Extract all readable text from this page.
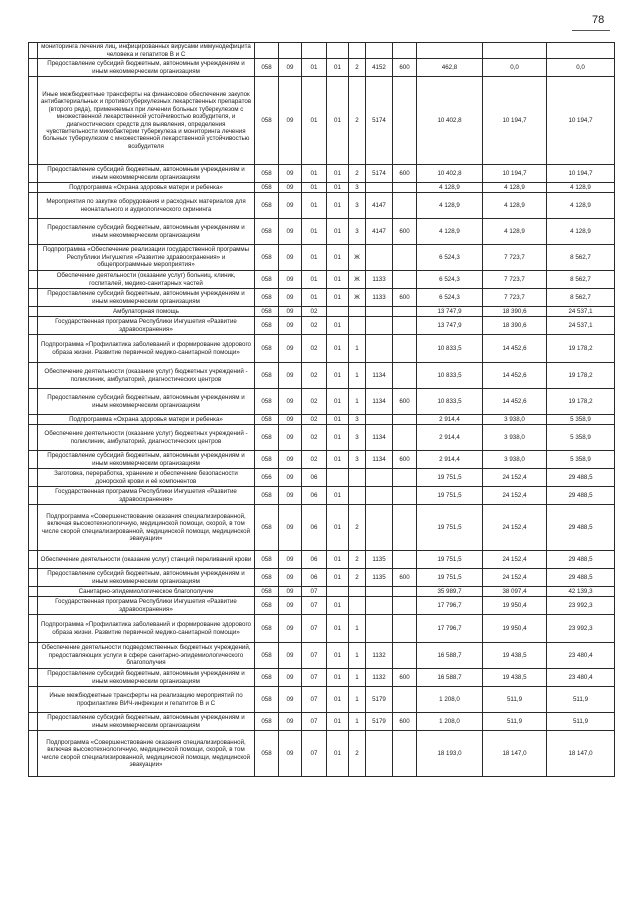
78
	мониторинга лечения лиц, инфицированных вирусами иммунодефицита человека и гепатитов В и С										
	Предоставление субсидий бюджетным, автономным учреждениям и иным некоммерческим организациям	058	09	01	01	2	4152	600	462,8	0,0	0,0
	Иные межбюджетные трансферты на финансовое обеспечение закупок антибактериальных и противотуберкулезных лекарственных препаратов (второго ряда), применяемых при лечении больных туберкулезом с множественной лекарственной устойчивостью возбудителя, и диагностических средств для выявления, определения чувствительности микобактерии туберкулеза и мониторинга лечения больных туберкулезом с множественной лекарственной устойчивостью возбудителя	058	09	01	01	2	5174		10 402,8	10 194,7	10 194,7
	Предоставление субсидий бюджетным, автономным учреждениям и иным некоммерческим организациям	058	09	01	01	2	5174	600	10 402,8	10 194,7	10 194,7
	Подпрограмма «Охрана здоровья матери и ребенка»	058	09	01	01	3			4 128,9	4 128,9	4 128,9
	Мероприятия по закупке оборудования и расходных материалов для неонатального и аудиологического скрининга	058	09	01	01	3	4147		4 128,9	4 128,9	4 128,9
	Предоставление субсидий бюджетным, автономным учреждениям и иным некоммерческим организациям	058	09	01	01	3	4147	600	4 128,9	4 128,9	4 128,9
	Подпрограмма «Обеспечение реализации государственной программы Республики Ингушетия «Развитие здравоохранения» и общепрограммные мероприятия»	058	09	01	01	Ж			6 524,3	7 723,7	8 562,7
	Обеспечение деятельности (оказание услуг) больниц, клиник, госпиталей, медико-санитарных частей	058	09	01	01	Ж	1133		6 524,3	7 723,7	8 562,7
	Предоставление субсидий бюджетным, автономным учреждениям и иным некоммерческим организациям	058	09	01	01	Ж	1133	600	6 524,3	7 723,7	8 562,7
	Амбулаторная помощь	058	09	02					13 747,9	18 390,6	24 537,1
	Государственная программа Республики Ингушетия «Развитие здравоохранения»	058	09	02	01				13 747,9	18 390,6	24 537,1
	Подпрограмма «Профилактика заболеваний и формирование здорового образа жизни. Развитие первичной медико-санитарной помощи»	058	09	02	01	1			10 833,5	14 452,6	19 178,2
	Обеспечение деятельности (оказание услуг) бюджетных учреждений - поликлиник, амбулаторий, диагностических центров	058	09	02	01	1	1134		10 833,5	14 452,6	19 178,2
	Предоставление субсидий бюджетным, автономным учреждениям и иным некоммерческим организациям	058	09	02	01	1	1134	600	10 833,5	14 452,6	19 178,2
	Подпрограмма «Охрана здоровья матери и ребенка»	058	09	02	01	3			2 914,4	3 938,0	5 358,9
	Обеспечение деятельности (оказание услуг) бюджетных учреждений - поликлиник, амбулаторий, диагностических центров	058	09	02	01	3	1134		2 914,4	3 938,0	5 358,9
	Предоставление субсидий бюджетным, автономным учреждениям и иным некоммерческим организациям	058	09	02	01	3	1134	600	2 914,4	3 938,0	5 358,9
	Заготовка, переработка, хранение и обеспечение безопасности донорской крови и её компонентов	056	09	06					19 751,5	24 152,4	29 488,5
	Государственная программа Республики Ингушетия «Развитие здравоохранения»	058	09	06	01				19 751,5	24 152,4	29 488,5
	Подпрограмма «Совершенствование оказания специализированной, включая высокотехнологичную, медицинской помощи, скорой, в том числе скорой специализированной, медицинской помощи, медицинской эвакуации»	058	09	06	01	2			19 751,5	24 152,4	29 488,5
	Обеспечение деятельности (оказание услуг) станций переливаний крови	058	09	06	01	2	1135		19 751,5	24 152,4	29 488,5
	Предоставление субсидий бюджетным, автономным учреждениям и иным некоммерческим организациям	058	09	06	01	2	1135	600	19 751,5	24 152,4	29 488,5
	Санитарно-эпидемиологическое благополучие	058	09	07					35 989,7	38 097,4	42 139,3
	Государственная программа Республики Ингушетия «Развитие здравоохранения»	058	09	07	01				17 796,7	19 950,4	23 992,3
	Подпрограмма «Профилактика заболеваний и формирование здорового образа жизни. Развитие первичной медико-санитарной помощи»	058	09	07	01	1			17 796,7	19 950,4	23 992,3
	Обеспечение деятельности подведомственных бюджетных учреждений, предоставляющих услуги в сфере санитарно-эпидемиологического благополучия	058	09	07	01	1	1132		16 588,7	19 438,5	23 480,4
	Предоставление субсидий бюджетным, автономным учреждениям и иным некоммерческим организациям	058	09	07	01	1	1132	600	16 588,7	19 438,5	23 480,4
	Иные межбюджетные трансферты на реализацию мероприятий по профилактике ВИЧ-инфекции и гепатитов В и С	058	09	07	01	1	5179		1 208,0	511,9	511,9
	Предоставление субсидий бюджетным, автономным учреждениям и иным некоммерческим организациям	058	09	07	01	1	5179	600	1 208,0	511,9	511,9
	Подпрограмма «Совершенствование оказания специализированной, включая высокотехнологичную, медицинской помощи, скорой, в том числе скорой специализированной, медицинской помощи, медицинской эвакуации»	058	09	07	01	2			18 193,0	18 147,0	18 147,0
